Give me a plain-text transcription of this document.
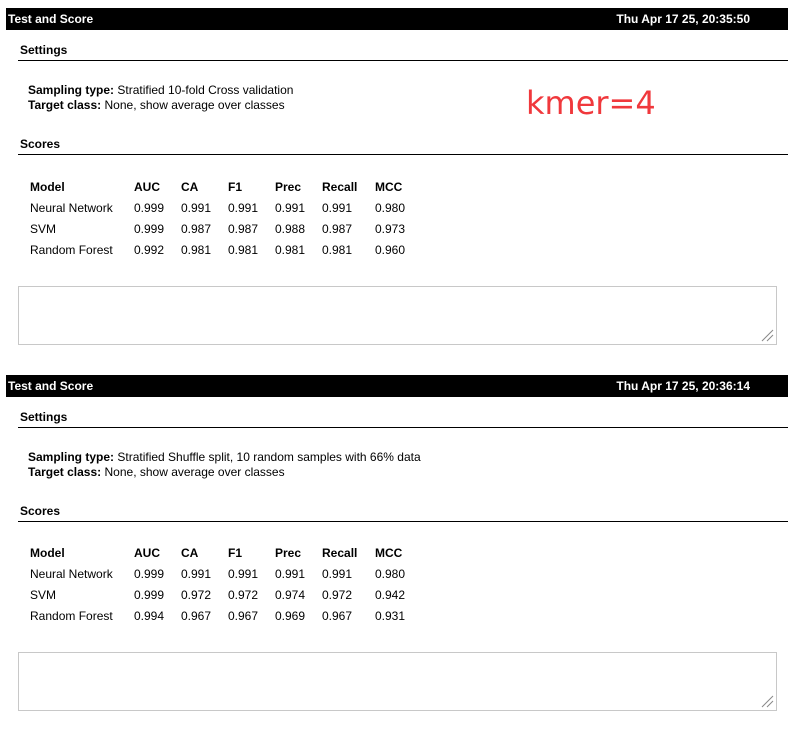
Test and Score	Thu Apr 17 25, 20:35:50
Settings
Sampling type: Stratified 10-fold Cross validation
Target class: None, show average over classes
Scores
Model	AUC	CA	F1	Prec	Recall	MCC
Neural Network	0.999	0.991	0.991	0.991	0.991	0.980
SVM	0.999	0.987	0.987	0.988	0.987	0.973
Random Forest	0.992	0.981	0.981	0.981	0.981	0.960
Test and Score	Thu Apr 17 25, 20:36:14
Settings
Sampling type: Stratified Shuffle split, 10 random samples with 66% data
Target class: None, show average over classes
Scores
Model	AUC	CA	F1	Prec	Recall	MCC
Neural Network	0.999	0.991	0.991	0.991	0.991	0.980
SVM	0.999	0.972	0.972	0.974	0.972	0.942
Random Forest	0.994	0.967	0.967	0.969	0.967	0.931
kmer=4
